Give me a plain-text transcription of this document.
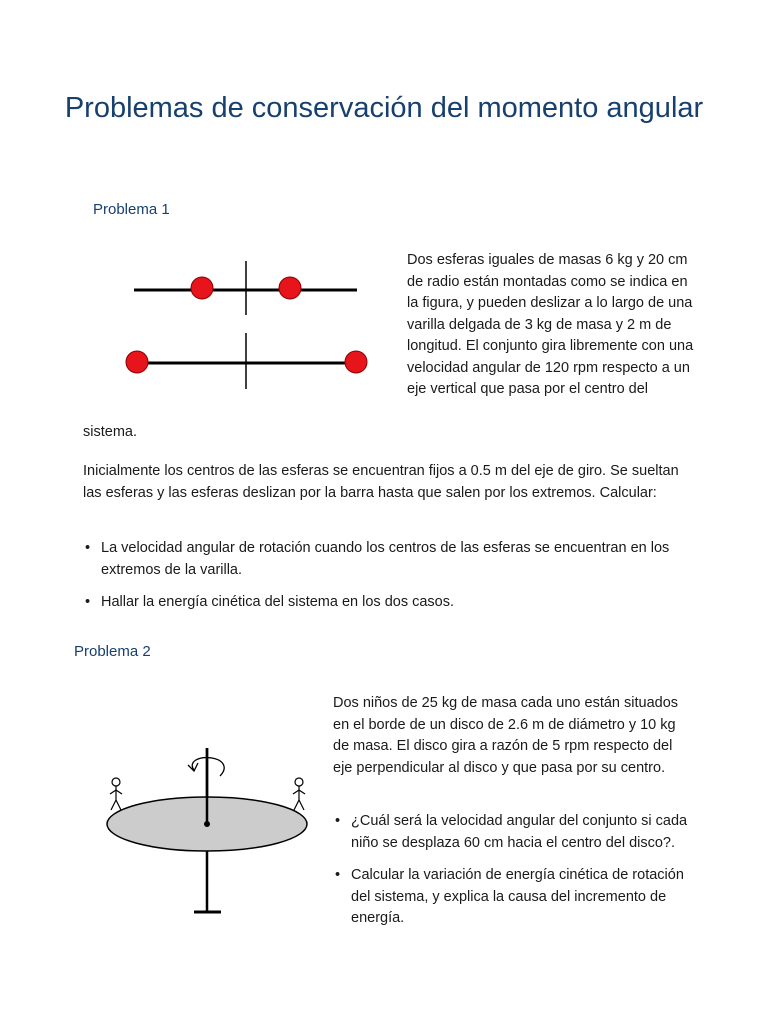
Problemas de conservación del momento angular
Problema 1

Dos esferas iguales de masas 6 kg y 20 cm de radio están montadas como se indica en la figura, y pueden deslizar a lo largo de una varilla delgada de 3 kg de masa y 2 m de longitud. El conjunto gira libremente con una velocidad angular de 120 rpm respecto a un eje vertical que pasa por el centro del

sistema.

Inicialmente los centros de las esferas se encuentran fijos a 0.5 m del eje de giro. Se sueltan las esferas y las esferas deslizan por la barra hasta que salen por los extremos. Calcular:

• La velocidad angular de rotación cuando los centros de las esferas se encuentran en los extremos de la varilla.
• Hallar la energía cinética del sistema en los dos casos.
Problema 2

Dos niños de 25 kg de masa cada uno están situados en el borde de un disco de 2.6 m de diámetro y 10 kg de masa. El disco gira a razón de 5 rpm respecto del eje perpendicular al disco y que pasa por su centro.

• ¿Cuál será la velocidad angular del conjunto si cada niño se desplaza 60 cm hacia el centro del disco?.
• Calcular la variación de energía cinética de rotación del sistema, y explica la causa del incremento de energía.
